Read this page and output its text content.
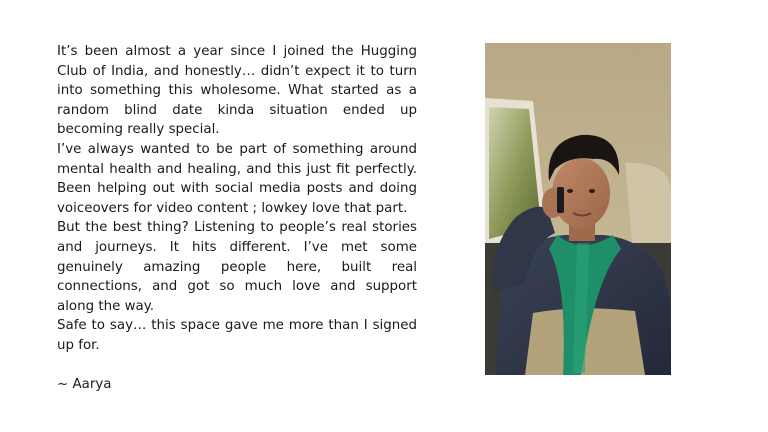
It’s been almost a year since I joined the Hugging Club of India, and honestly… didn’t expect it to turn into something this wholesome. What started as a random blind date kinda situation ended up becoming really special.

I’ve always wanted to be part of something around mental health and healing, and this just fit perfectly. Been helping out with social media posts and doing voiceovers for video content ; lowkey love that part.

But the best thing? Listening to people’s real stories and journeys. It hits different. I’ve met some genuinely amazing people here, built real connections, and got so much love and support along the way.

Safe to say… this space gave me more than I signed up for.

~ Aarya
